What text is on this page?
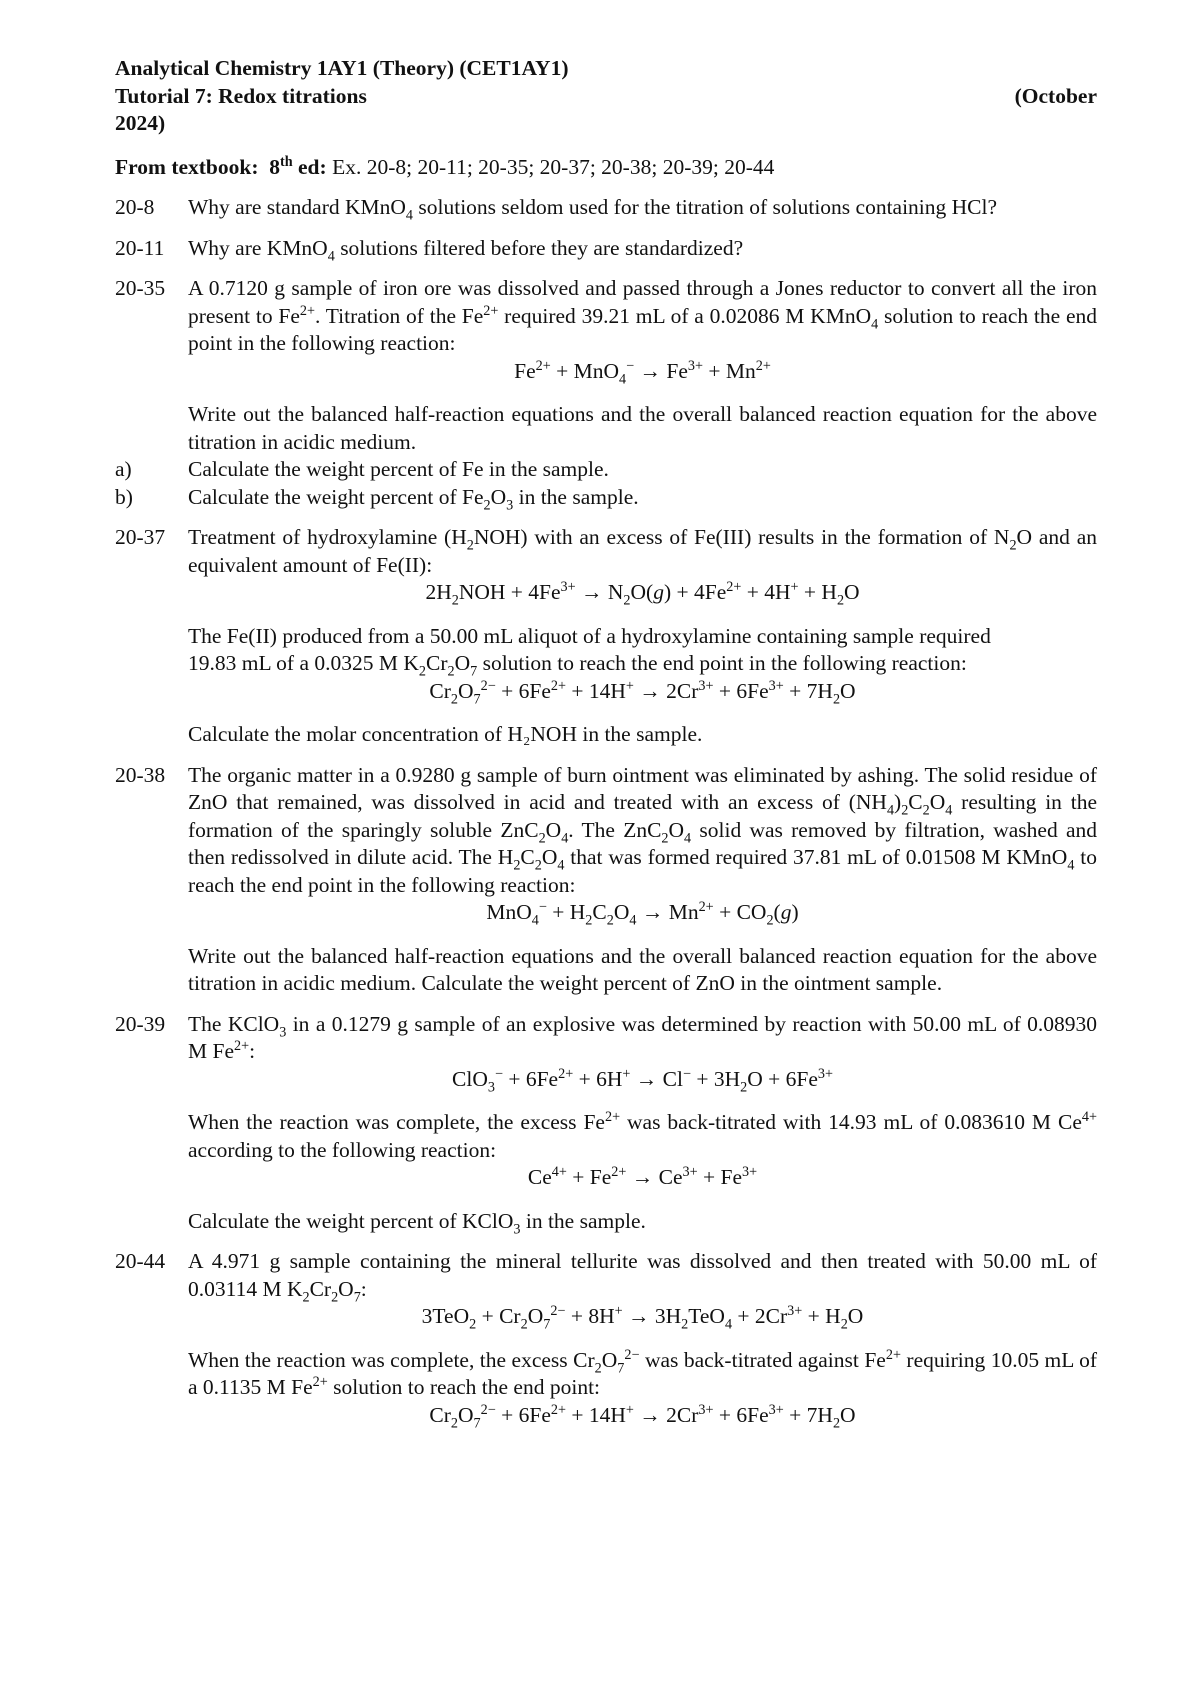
Analytical Chemistry 1AY1 (Theory) (CET1AY1)
Tutorial 7: Redox titrations	(October
2024)
From textbook: 8th ed: Ex. 20-8; 20-11; 20-35; 20-37; 20-38; 20-39; 20-44
20-8	Why are standard KMnO$_4$ solutions seldom used for the titration of solutions containing HCl?
20-11	Why are KMnO$_4$ solutions filtered before they are standardized?
20-35	A 0.7120 g sample of iron ore was dissolved and passed through a Jones reductor to convert all the iron present to $Fe^{2+}$. Titration of the $Fe^{2+}$ required 39.21 mL of a 0.02086 M KMnO$_4$ solution to reach the end point in the following reaction:
$Fe^{2+} + MnO_4^- \to Fe^{3+} + Mn^{2+}$
Write out the balanced half-reaction equations and the overall balanced reaction equation for the above titration in acidic medium.
a)	Calculate the weight percent of Fe in the sample.
b)	Calculate the weight percent of $Fe_2O_3$ in the sample.
20-37	Treatment of hydroxylamine $(H_2NOH)$ with an excess of Fe(III) results in the formation of $N_2O$ and an equivalent amount of Fe(II):
$2H_2NOH + 4Fe^{3+} \to N_2O(g) + 4Fe^{2+} + 4H^+ + H_2O$
The Fe(II) produced from a 50.00 mL aliquot of a hydroxylamine containing sample required
19.83 mL of a 0.0325 M $K_2Cr_2O_7$ solution to reach the end point in the following reaction:
$Cr_2O_7^{2-} + 6Fe^{2+} + 14H^+ \to 2Cr^{3+} + 6Fe^{3+} + 7H_2O$
Calculate the molar concentration of H₂NOH in the sample.
20-38	The organic matter in a 0.9280 g sample of burn ointment was eliminated by ashing. The solid residue of ZnO that remained, was dissolved in acid and treated with an excess of $(NH_4)_2C_2O_4$ resulting in the formation of the sparingly soluble $ZnC_2O_4$. The $ZnC_2O_4$ solid was removed by filtration, washed and then redissolved in dilute acid. The $H_2C_2O_4$ that was formed required 37.81 mL of 0.01508 M KMnO$_4$ to reach the end point in the following reaction:
$MnO_4^- + H_2C_2O_4 \to Mn^{2+} + CO_2(g)$
Write out the balanced half-reaction equations and the overall balanced reaction equation for the above titration in acidic medium. Calculate the weight percent of ZnO in the ointment sample.
20-39	The KClO$_3$ in a 0.1279 g sample of an explosive was determined by reaction with 50.00 mL of 0.08930 M $Fe^{2+}$:
$ClO_3^- + 6Fe^{2+} + 6H^+ \to Cl^- + 3H_2O + 6Fe^{3+}$
When the reaction was complete, the excess $Fe^{2+}$ was back-titrated with 14.93 mL of 0.083610 M $Ce^{4+}$ according to the following reaction:
$Ce^{4+} + Fe^{2+} \to Ce^{3+} + Fe^{3+}$
Calculate the weight percent of KClO$_3$ in the sample.
20-44	A 4.971 g sample containing the mineral tellurite was dissolved and then treated with 50.00 mL of 0.03114 M $K_2Cr_2O_7$:
$3TeO_2 + Cr_2O_7^{2-} + 8H^+ \to 3H_2TeO_4 + 2Cr^{3+} + H_2O$
When the reaction was complete, the excess $Cr_2O_7^{2-}$ was back-titrated against $Fe^{2+}$ requiring 10.05 mL of a 0.1135 M $Fe^{2+}$ solution to reach the end point:
$Cr_2O_7^{2-} + 6Fe^{2+} + 14H^+ \to 2Cr^{3+} + 6Fe^{3+} + 7H_2O$
